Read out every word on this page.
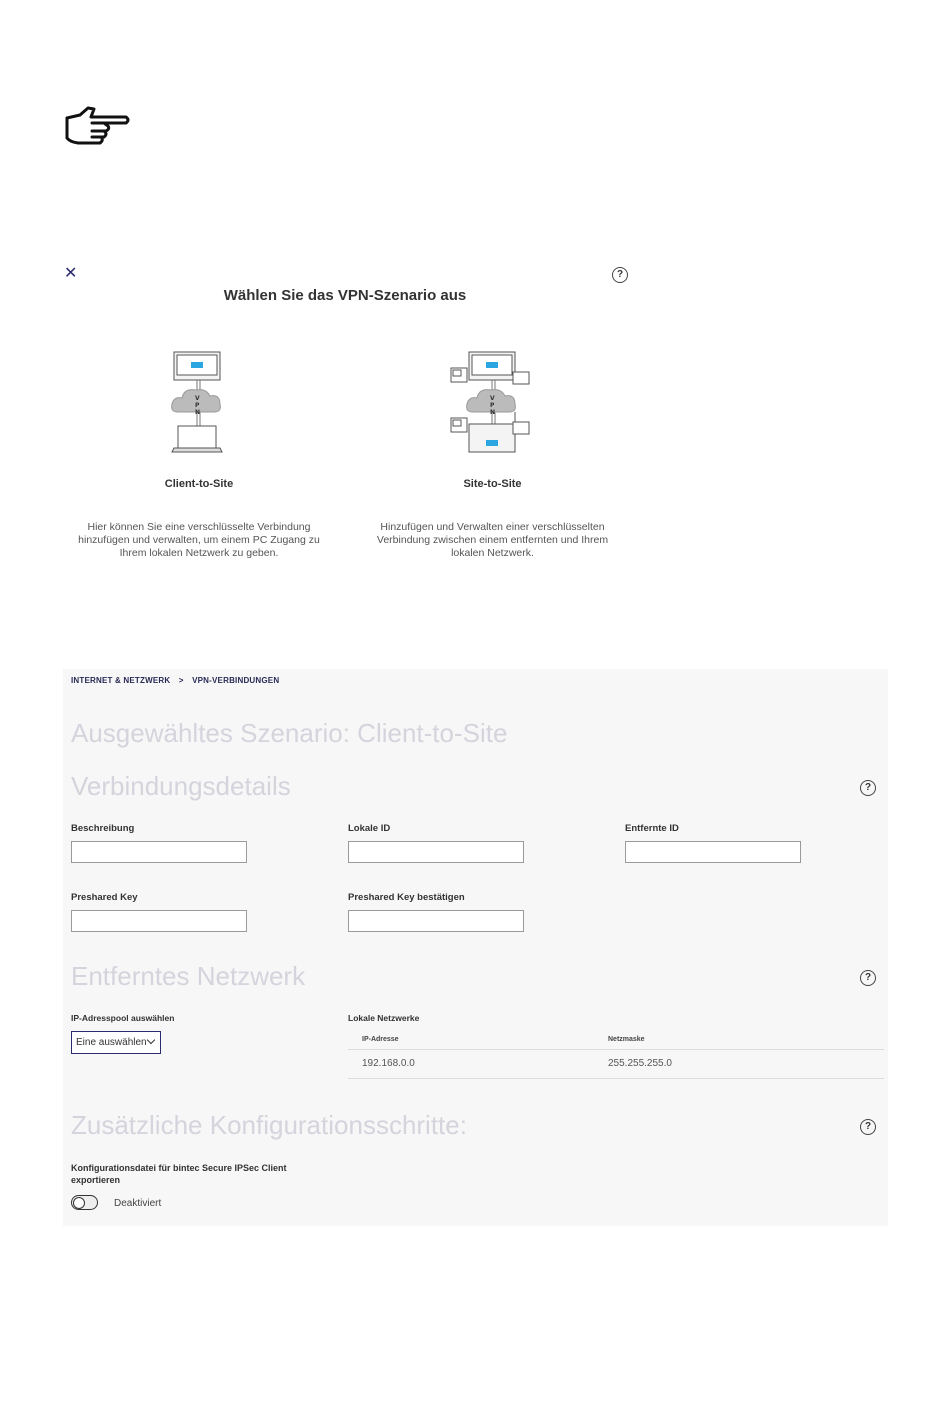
✕	?
Wählen Sie das VPN-Szenario aus
V
P
N
Client-to-Site
Hier können Sie eine verschlüsselte Verbindung hinzufügen und verwalten, um einem PC Zugang zu Ihrem lokalen Netzwerk zu geben.
V
P
N
Site-to-Site
Hinzufügen und Verwalten einer verschlüsselten Verbindung zwischen einem entfernten und Ihrem lokalen Netzwerk.
INTERNET & NETZWERK > VPN-VERBINDUNGEN
Ausgewähltes Szenario: Client-to-Site
Verbindungsdetails	?
Beschreibung	Lokale ID	Entfernte ID
Preshared Key	Preshared Key bestätigen
Entferntes Netzwerk	?
IP-Adresspool auswählen
Eine auswählen
Lokale Netzwerke
IP-Adresse	Netzmaske
192.168.0.0	255.255.255.0
Zusätzliche Konfigurationsschritte:	?
Konfigurationsdatei für bintec Secure IPSec Client
exportieren
Deaktiviert
